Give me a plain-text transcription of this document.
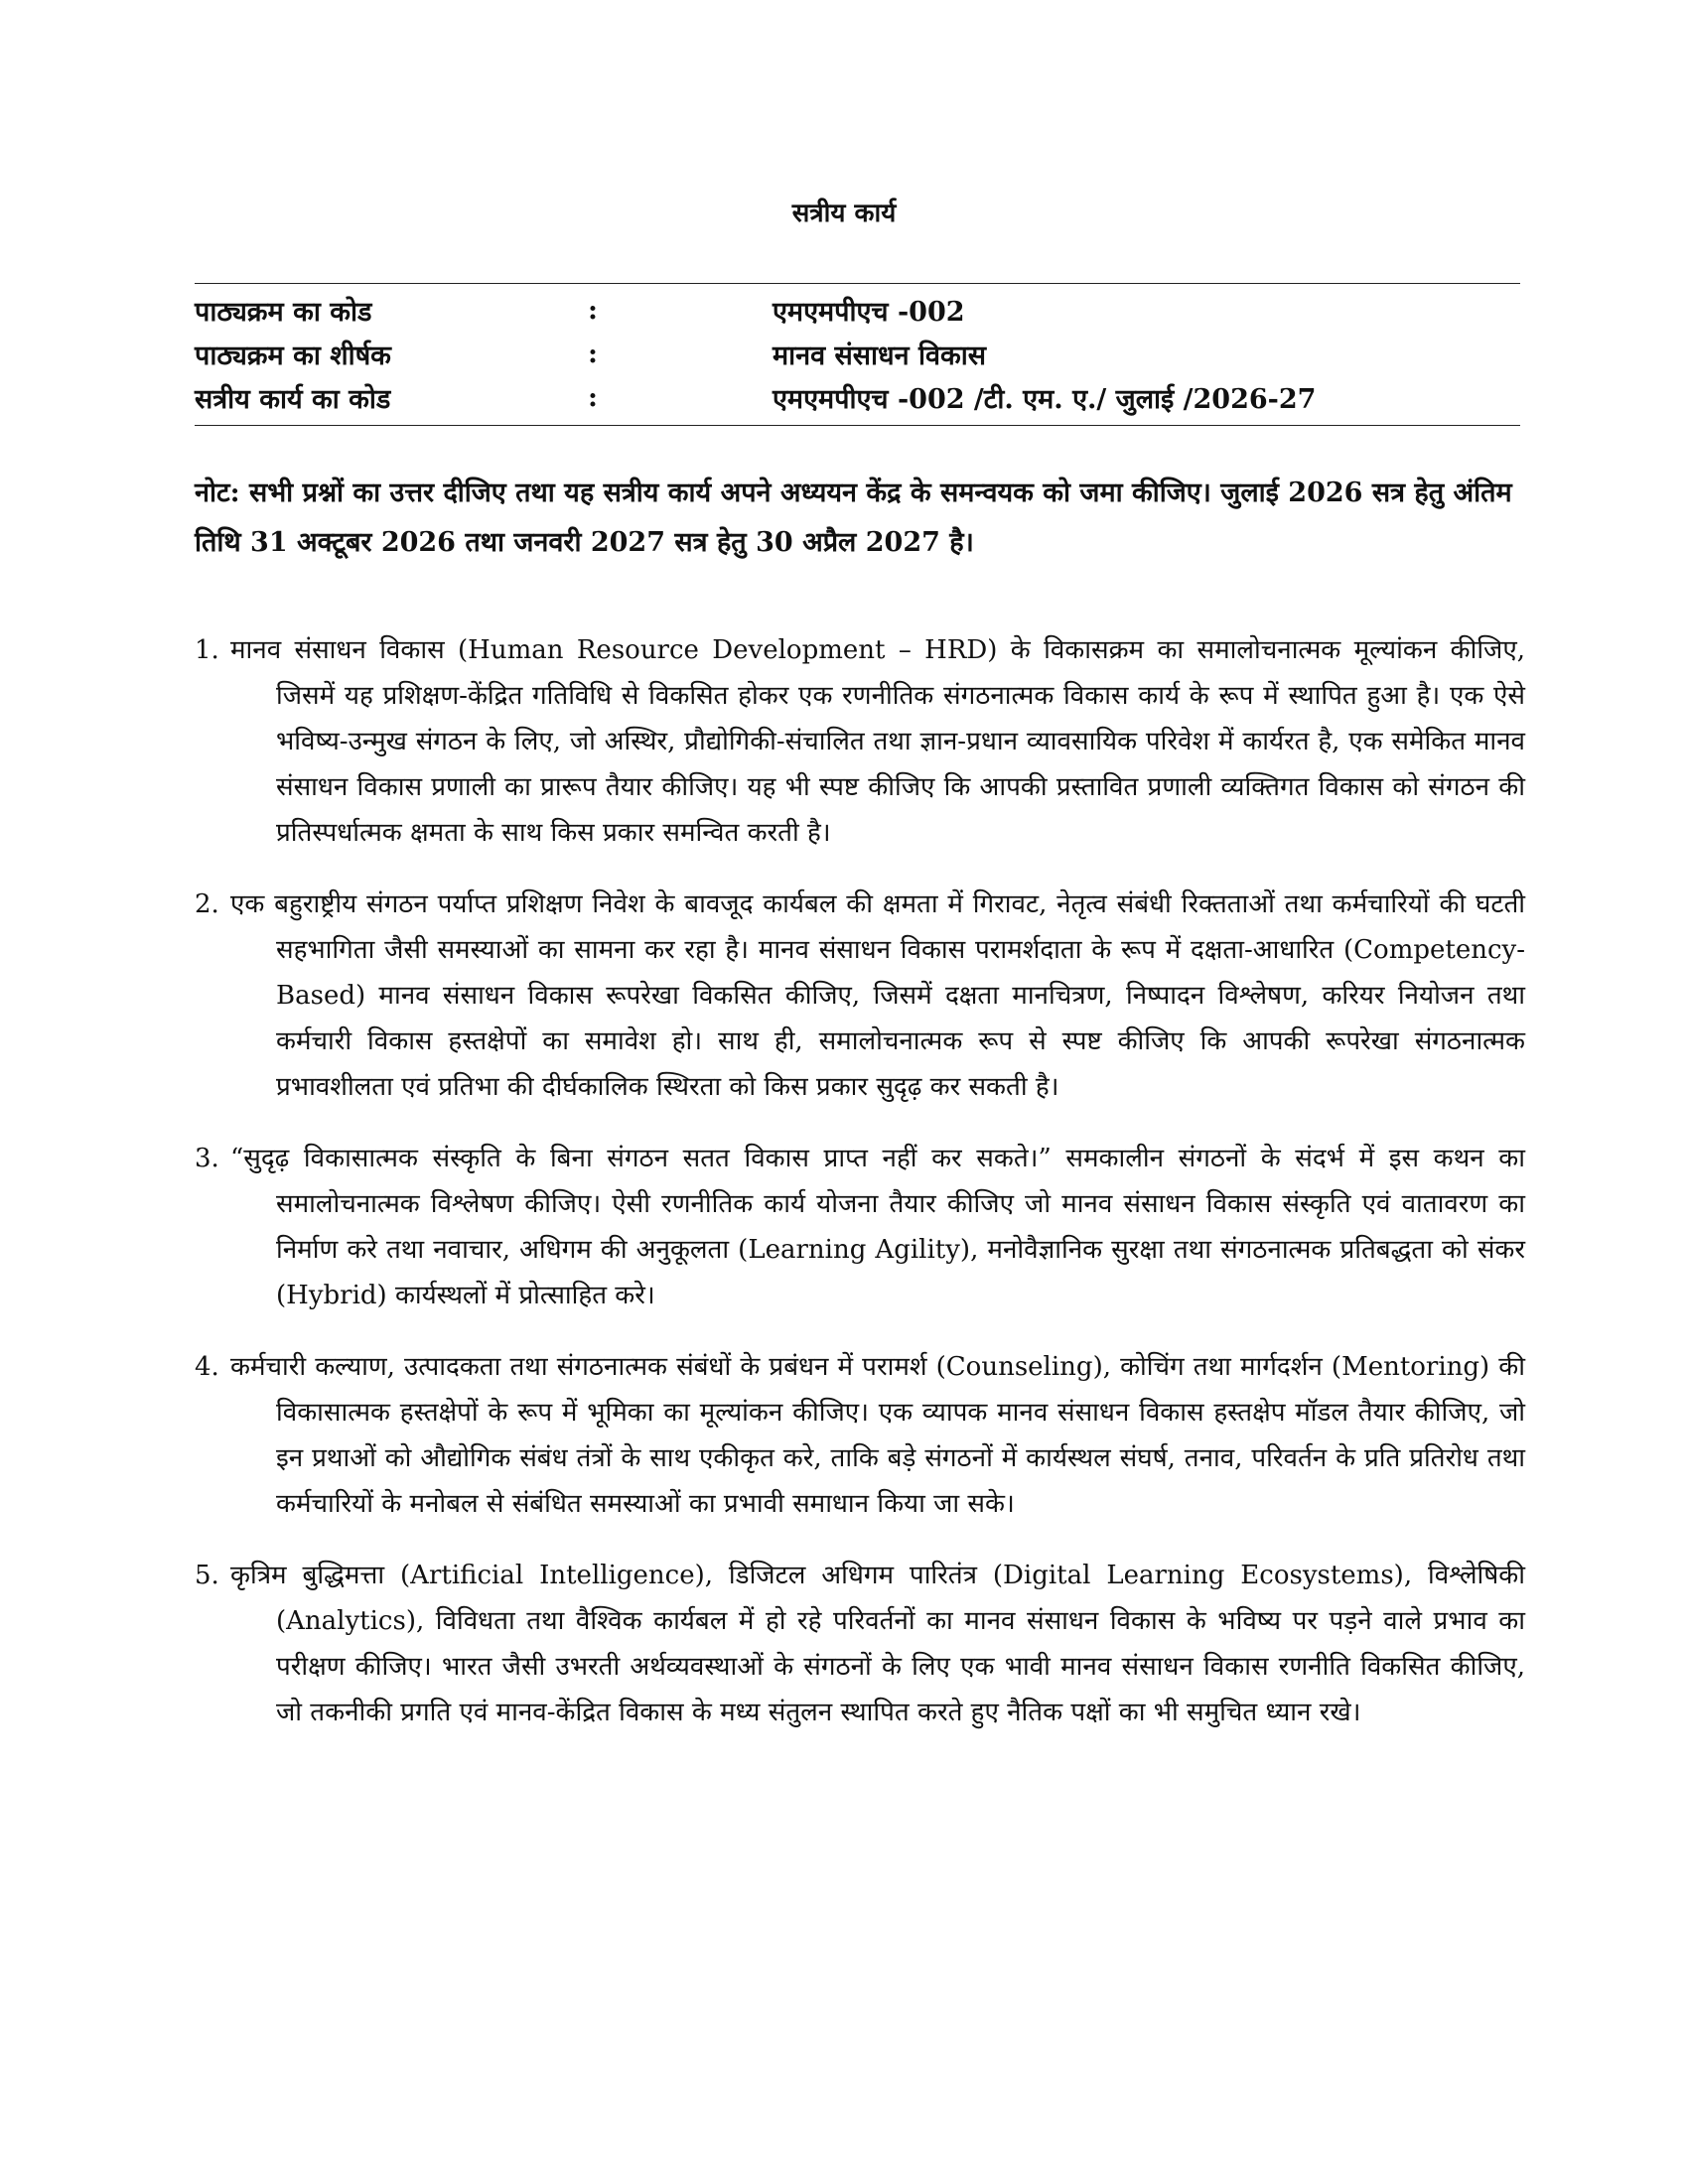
सत्रीय कार्य
पाठ्यक्रम का कोड	:	एमएमपीएच -002
पाठ्यक्रम का शीर्षक	:	मानव संसाधन विकास
सत्रीय कार्य का कोड	:	एमएमपीएच -002 /टी. एम. ए./ जुलाई /2026-27
नोट: सभी प्रश्नों का उत्तर दीजिए तथा यह सत्रीय कार्य अपने अध्ययन केंद्र के समन्वयक को जमा कीजिए। जुलाई 2026 सत्र हेतु अंतिम तिथि 31 अक्टूबर 2026 तथा जनवरी 2027 सत्र हेतु 30 अप्रैल 2027 है।
1. मानव संसाधन विकास (Human Resource Development – HRD) के विकासक्रम का समालोचनात्मक मूल्यांकन कीजिए, जिसमें यह प्रशिक्षण-केंद्रित गतिविधि से विकसित होकर एक रणनीतिक संगठनात्मक विकास कार्य के रूप में स्थापित हुआ है। एक ऐसे भविष्य-उन्मुख संगठन के लिए, जो अस्थिर, प्रौद्योगिकी-संचालित तथा ज्ञान-प्रधान व्यावसायिक परिवेश में कार्यरत है, एक समेकित मानव संसाधन विकास प्रणाली का प्रारूप तैयार कीजिए। यह भी स्पष्ट कीजिए कि आपकी प्रस्तावित प्रणाली व्यक्तिगत विकास को संगठन की प्रतिस्पर्धात्मक क्षमता के साथ किस प्रकार समन्वित करती है।
2. एक बहुराष्ट्रीय संगठन पर्याप्त प्रशिक्षण निवेश के बावजूद कार्यबल की क्षमता में गिरावट, नेतृत्व संबंधी रिक्तताओं तथा कर्मचारियों की घटती सहभागिता जैसी समस्याओं का सामना कर रहा है। मानव संसाधन विकास परामर्शदाता के रूप में दक्षता-आधारित (Competency-Based) मानव संसाधन विकास रूपरेखा विकसित कीजिए, जिसमें दक्षता मानचित्रण, निष्पादन विश्लेषण, करियर नियोजन तथा कर्मचारी विकास हस्तक्षेपों का समावेश हो। साथ ही, समालोचनात्मक रूप से स्पष्ट कीजिए कि आपकी रूपरेखा संगठनात्मक प्रभावशीलता एवं प्रतिभा की दीर्घकालिक स्थिरता को किस प्रकार सुदृढ़ कर सकती है।
3. “सुदृढ़ विकासात्मक संस्कृति के बिना संगठन सतत विकास प्राप्त नहीं कर सकते।” समकालीन संगठनों के संदर्भ में इस कथन का समालोचनात्मक विश्लेषण कीजिए। ऐसी रणनीतिक कार्य योजना तैयार कीजिए जो मानव संसाधन विकास संस्कृति एवं वातावरण का निर्माण करे तथा नवाचार, अधिगम की अनुकूलता (Learning Agility), मनोवैज्ञानिक सुरक्षा तथा संगठनात्मक प्रतिबद्धता को संकर (Hybrid) कार्यस्थलों में प्रोत्साहित करे।
4. कर्मचारी कल्याण, उत्पादकता तथा संगठनात्मक संबंधों के प्रबंधन में परामर्श (Counseling), कोचिंग तथा मार्गदर्शन (Mentoring) की विकासात्मक हस्तक्षेपों के रूप में भूमिका का मूल्यांकन कीजिए। एक व्यापक मानव संसाधन विकास हस्तक्षेप मॉडल तैयार कीजिए, जो इन प्रथाओं को औद्योगिक संबंध तंत्रों के साथ एकीकृत करे, ताकि बड़े संगठनों में कार्यस्थल संघर्ष, तनाव, परिवर्तन के प्रति प्रतिरोध तथा कर्मचारियों के मनोबल से संबंधित समस्याओं का प्रभावी समाधान किया जा सके।
5. कृत्रिम बुद्धिमत्ता (Artificial Intelligence), डिजिटल अधिगम पारितंत्र (Digital Learning Ecosystems), विश्लेषिकी (Analytics), विविधता तथा वैश्विक कार्यबल में हो रहे परिवर्तनों का मानव संसाधन विकास के भविष्य पर पड़ने वाले प्रभाव का परीक्षण कीजिए। भारत जैसी उभरती अर्थव्यवस्थाओं के संगठनों के लिए एक भावी मानव संसाधन विकास रणनीति विकसित कीजिए, जो तकनीकी प्रगति एवं मानव-केंद्रित विकास के मध्य संतुलन स्थापित करते हुए नैतिक पक्षों का भी समुचित ध्यान रखे।
